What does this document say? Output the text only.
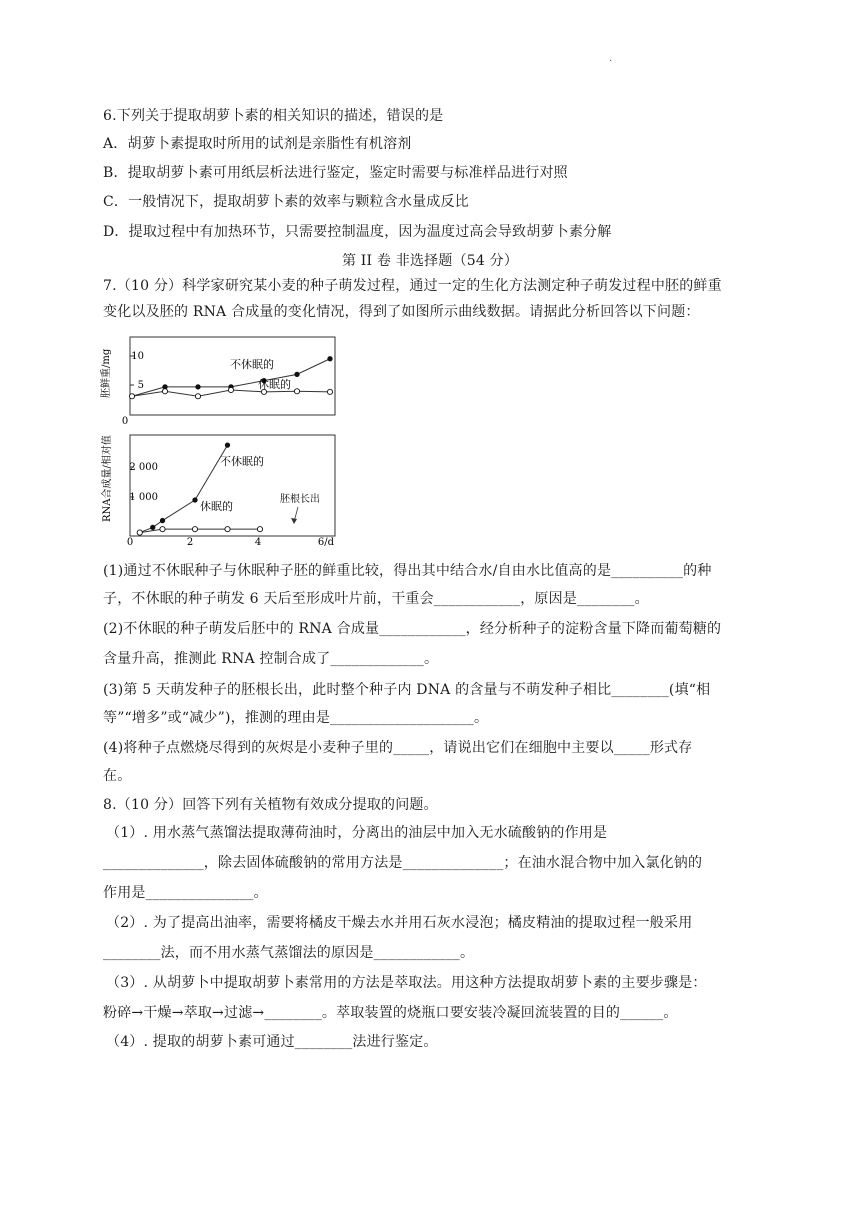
·
6.下列关于提取胡萝卜素的相关知识的描述，错误的是
A．胡萝卜素提取时所用的试剂是亲脂性有机溶剂
B．提取胡萝卜素可用纸层析法进行鉴定，鉴定时需要与标准样品进行对照
C．一般情况下，提取胡萝卜素的效率与颗粒含水量成反比
D．提取过程中有加热环节，只需要控制温度，因为温度过高会导致胡萝卜素分解
第 II 卷 非选择题（54 分）
7.（10 分）科学家研究某小麦的种子萌发过程，通过一定的生化方法测定种子萌发过程中胚的鲜重
变化以及胚的 RNA 合成量的变化情况，得到了如图所示曲线数据。请据此分析回答以下问题：
胚鲜重/mg 10
5
0
不休眠的
休眠的
RNA合成量/相对值 2 000
1 000
0	2	4	6/d
不休眠的
休眠的
胚根长出
(1)通过不休眠种子与休眠种子胚的鲜重比较，得出其中结合水/自由水比值高的是__________的种
子，不休眠的种子萌发 6 天后至形成叶片前，干重会____________，原因是________。
(2)不休眠的种子萌发后胚中的 RNA 合成量____________，经分析种子的淀粉含量下降而葡萄糖的
含量升高，推测此 RNA 控制合成了_____________。
(3)第 5 天萌发种子的胚根长出，此时整个种子内 DNA 的含量与不萌发种子相比________(填“相
等”“增多”或“减少”)，推测的理由是____________________。
(4)将种子点燃烧尽得到的灰烬是小麦种子里的_____，请说出它们在细胞中主要以_____形式存
在。
8.（10 分）回答下列有关植物有效成分提取的问题。
（1）. 用水蒸气蒸馏法提取薄荷油时，分离出的油层中加入无水硫酸钠的作用是
______________，除去固体硫酸钠的常用方法是______________；在油水混合物中加入氯化钠的
作用是_______________。
（2）. 为了提高出油率，需要将橘皮干燥去水并用石灰水浸泡；橘皮精油的提取过程一般采用
________法，而不用水蒸气蒸馏法的原因是____________。
（3）. 从胡萝卜中提取胡萝卜素常用的方法是萃取法。用这种方法提取胡萝卜素的主要步骤是：
粉碎→干燥→萃取→过滤→________。萃取装置的烧瓶口要安装冷凝回流装置的目的______。
（4）. 提取的胡萝卜素可通过________法进行鉴定。
